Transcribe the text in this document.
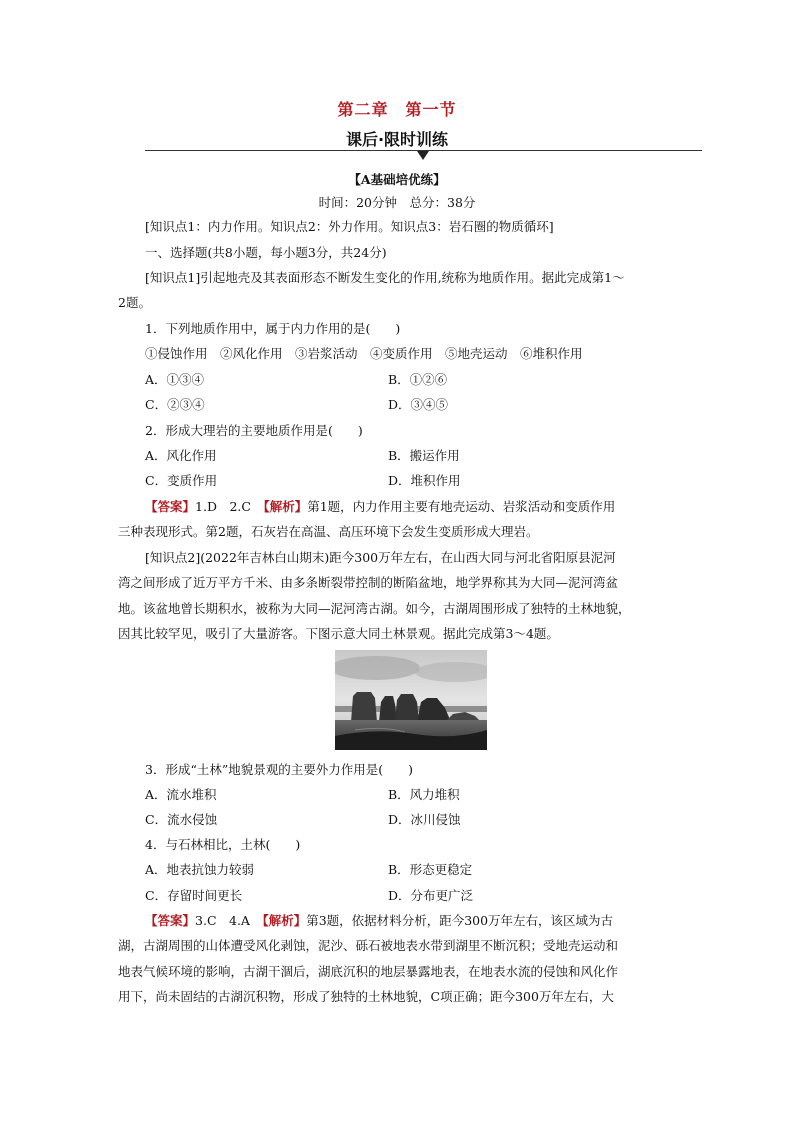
第二章　第一节
课后·限时训练
【A基础培优练】
时间：20分钟　总分：38分
[知识点1：内力作用。知识点2：外力作用。知识点3：岩石圈的物质循环]
一、选择题(共8小题，每小题3分，共24分)
[知识点1]引起地壳及其表面形态不断发生变化的作用,统称为地质作用。据此完成第1～
2题。
1．下列地质作用中，属于内力作用的是(　　)
①侵蚀作用　②风化作用　③岩浆活动　④变质作用　⑤地壳运动　⑥堆积作用
A．①③④	B．①②⑥
C．②③④	D．③④⑤
2．形成大理岩的主要地质作用是(　　)
A．风化作用	B．搬运作用
C．变质作用	D．堆积作用
【答案】1.D　2.C　【解析】第1题，内力作用主要有地壳运动、岩浆活动和变质作用
三种表现形式。第2题，石灰岩在高温、高压环境下会发生变质形成大理岩。
[知识点2](2022年吉林白山期末)距今300万年左右，在山西大同与河北省阳原县泥河
湾之间形成了近万平方千米、由多条断裂带控制的断陷盆地，地学界称其为大同—泥河湾盆
地。该盆地曾长期积水，被称为大同—泥河湾古湖。如今，古湖周围形成了独特的土林地貌，
因其比较罕见，吸引了大量游客。下图示意大同土林景观。据此完成第3～4题。
3．形成“土林”地貌景观的主要外力作用是(　　)
A．流水堆积	B．风力堆积
C．流水侵蚀	D．冰川侵蚀
4．与石林相比，土林(　　)
A．地表抗蚀力较弱	B．形态更稳定
C．存留时间更长	D．分布更广泛
【答案】3.C　4.A　【解析】第3题，依据材料分析，距今300万年左右，该区域为古
湖，古湖周围的山体遭受风化剥蚀，泥沙、砾石被地表水带到湖里不断沉积；受地壳运动和
地表气候环境的影响，古湖干涸后，湖底沉积的地层暴露地表，在地表水流的侵蚀和风化作
用下，尚未固结的古湖沉积物，形成了独特的土林地貌，C项正确；距今300万年左右，大
